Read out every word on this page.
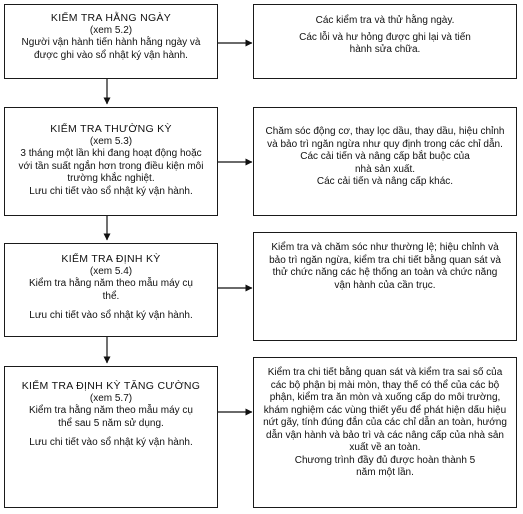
KIỂM TRA HẰNG NGÀY
(xem 5.2)
Người vận hành tiến hành hằng ngày và được ghi vào sổ nhật ký vận hành.
Các kiểm tra và thử hằng ngày.
Các lỗi và hư hỏng được ghi lại và tiến hành sửa chữa.
KIỂM TRA THƯỜNG KỲ
(xem 5.3)
3 tháng một lần khi đang hoạt động hoặc với tần suất ngắn hơn trong điều kiện môi trường khắc nghiệt.
Lưu chi tiết vào sổ nhật ký vận hành.
Chăm sóc động cơ, thay lọc dầu, thay dầu, hiệu chỉnh và bảo trì ngăn ngừa như quy định trong các chỉ dẫn.
Các cải tiến và nâng cấp bắt buộc của nhà sản xuất.
Các cải tiến và nâng cấp khác.
KIỂM TRA ĐỊNH KỲ
(xem 5.4)
Kiểm tra hằng năm theo mẫu máy cụ thể.
Lưu chi tiết vào sổ nhật ký vận hành.
Kiểm tra và chăm sóc như thường lệ; hiệu chỉnh và bảo trì ngăn ngừa, kiểm tra chi tiết bằng quan sát và thử chức năng các hệ thống an toàn và chức năng vận hành của cần trục.
KIỂM TRA ĐỊNH KỲ TĂNG CƯỜNG
(xem 5.7)
Kiểm tra hằng năm theo mẫu máy cụ thể sau 5 năm sử dụng.
Lưu chi tiết vào sổ nhật ký vận hành.
Kiểm tra chi tiết bằng quan sát và kiểm tra sai số của các bộ phận bị mài mòn, thay thế có thể của các bộ phận, kiểm tra ăn mòn và xuống cấp do môi trường, khám nghiệm các vùng thiết yếu để phát hiện dấu hiệu nứt gãy, tính đúng đắn của các chỉ dẫn an toàn, hướng dẫn vận hành và bảo trì và các nâng cấp của nhà sản xuất về an toàn.
Chương trình đầy đủ được hoàn thành 5 năm một lần.
